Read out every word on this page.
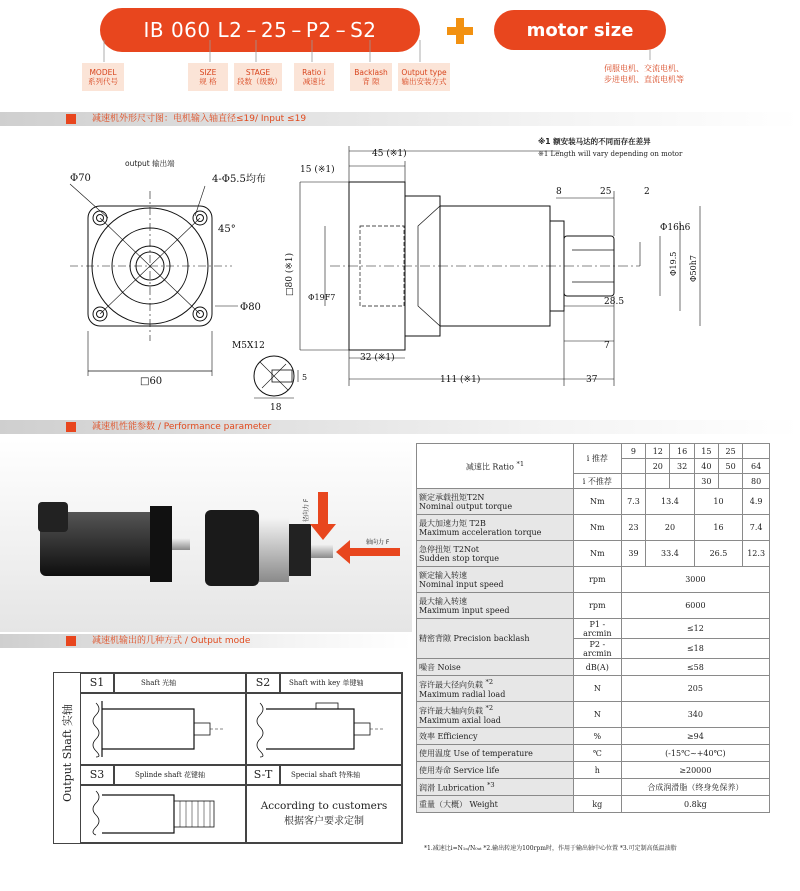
IB
060
L2 – 25 – P2 – S2	motor size
MODEL
系列代号
SIZE
规 格
STAGE
段数（级数）
Ratio i
减速比
Backlash
背 隙
Output type
输出安装方式
伺服电机、交流电机、
步进电机、直流电机等
减速机外形尺寸图：电机输入轴直径≤19/ Input ≤19
※1 额安装马达的不同而存在差异
※1 Length will vary depending on motor
output 输出端
Φ70	4-Φ5.5均布
45°
Φ80
□60
M5X12
5
18
15 (※1)
45 (※1)
□80 (※1)
Φ19F7
32 (※1)
111 (※1)
8	25	2
Φ16h6
Φ19.5 Φ50h7
28.5
7
37
减速机性能参数 / Performance parameter
径向力 F
轴向力 F
减速比 Ratio $^{*1}$	i 推荐	9	12	16	15	25	
			20	32	40	50	64
	i 不推荐				30		80

额定承载扭矩T2N
Nominal output torque	Nm	7.3	13.4		10		4.9

最大加速力矩 T2B
Maximum acceleration torque	Nm	23	20		16		7.4

急停扭矩 T2Not
Sudden stop torque	Nm	39	33.4		26.5		12.3

额定输入转速
Nominal input speed	rpm	3000					

最大输入转速
Maximum input speed	rpm	6000					
精密背隙 Precision backlash	P1 -arcmin	≤12					
	P2 -arcmin	≤18					
噪音 Noise	dB(A)	≤58					

容许最大径向负载 $^{*2}$
Maximum radial load	N	205					

容许最大轴向负载 $^{*2}$
Maximum axial load	N	340					
效率 Efficiency	%	≥94					
使用温度 Use of temperature	℃	(-15℃~+40℃)					
使用寿命 Service life	h	≥20000					
润滑 Lubrication $^{*3}$		合成润滑脂（终身免保养）					
重量（大概） Weight	kg	0.8kg					
*1.减速比i=N₁ₙ/N₀ᵤₜ *2.输出转速为100rpm时，作用于输出轴中心位置 *3.可定制高低温油脂
减速机输出的几种方式 / Output mode
Output Shaft 实轴
S1	Shaft 光轴	S2	Shaft with key 单键轴
S3	Splinde shaft 花键轴	S-T	Special shaft 特殊轴
According to customers
根据客户要求定制
